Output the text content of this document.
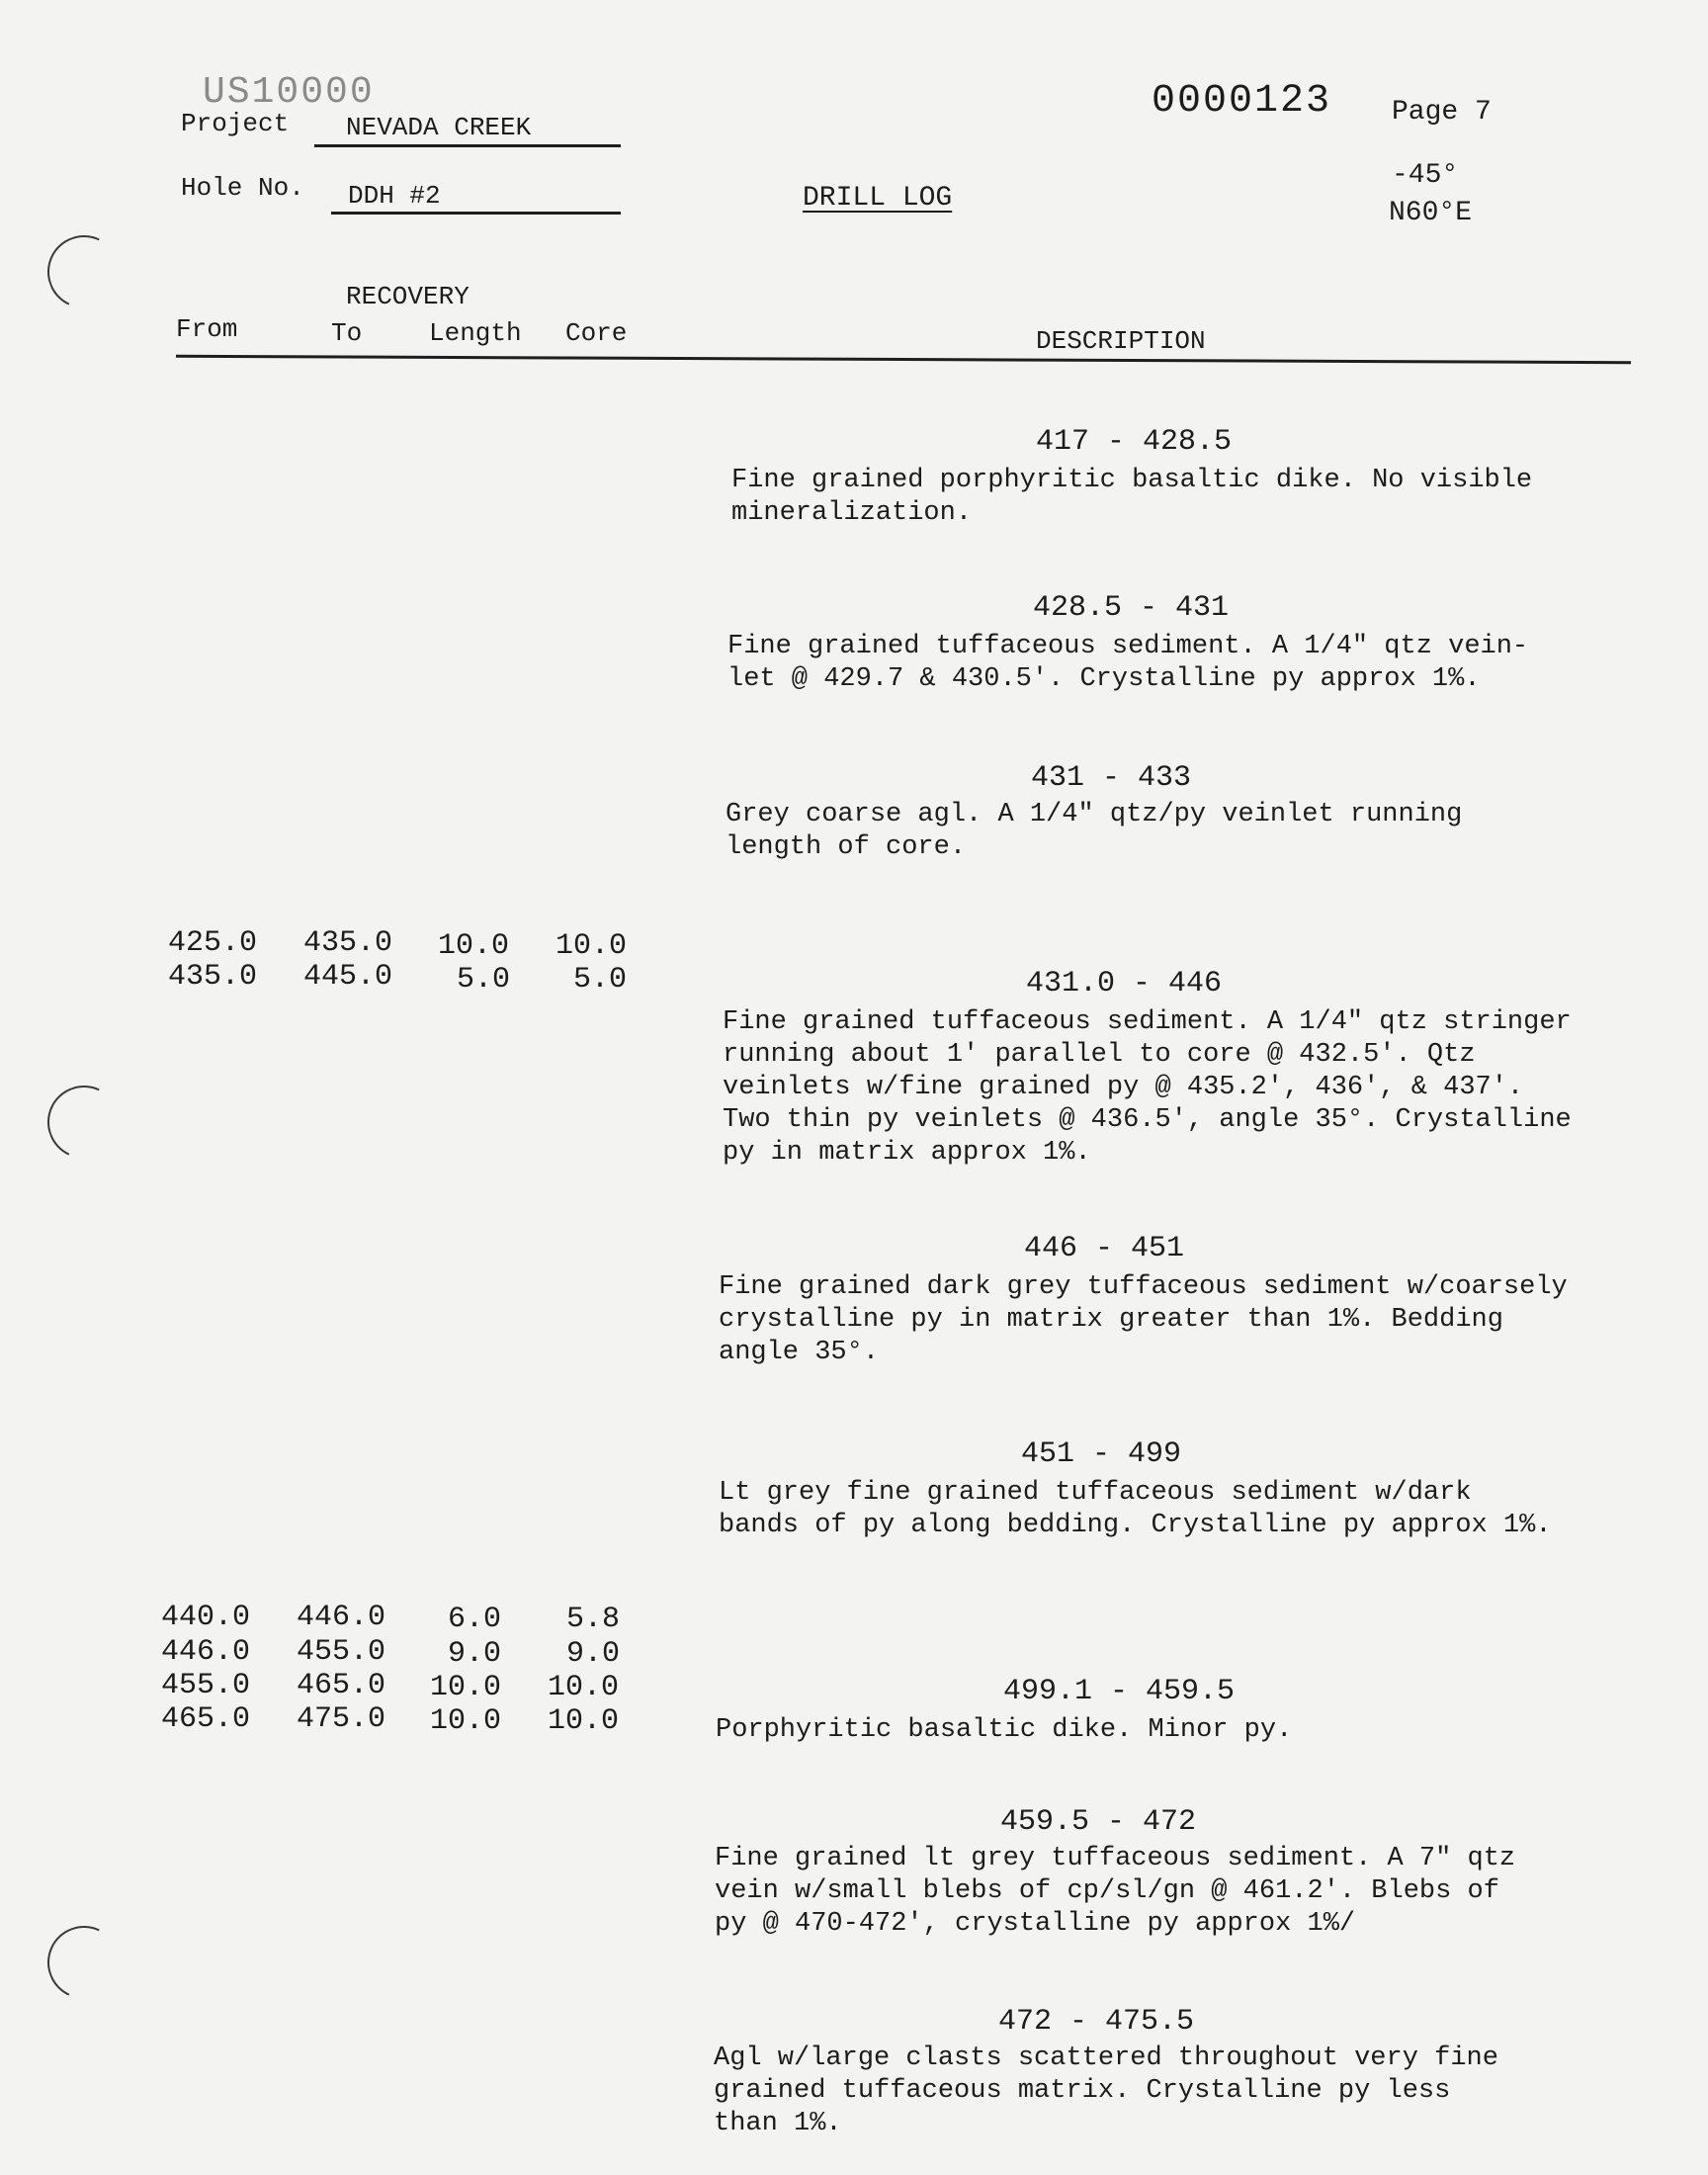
US10000	0000123 Page 7
Project NEVADA CREEK
Hole No. DDH #2	DRILL LOG
-45°
N60°E
RECOVERY
From	To	Length Core	DESCRIPTION
425.0	435.0	10.0	10.0
435.0	445.0	5.0	5.0
440.0	446.0	6.0	5.8
446.0	455.0	9.0	9.0
455.0	465.0	10.0	10.0
465.0	475.0	10.0	10.0
417 - 428.5
Fine grained porphyritic basaltic dike. No visible
mineralization.
428.5 - 431
Fine grained tuffaceous sediment. A 1/4" qtz vein-
let @ 429.7 & 430.5'. Crystalline py approx 1%.
431 - 433
Grey coarse agl. A 1/4" qtz/py veinlet running
length of core.
431.0 - 446
Fine grained tuffaceous sediment. A 1/4" qtz stringer
running about 1' parallel to core @ 432.5'. Qtz
veinlets w/fine grained py @ 435.2', 436', & 437'.
Two thin py veinlets @ 436.5', angle 35°. Crystalline
py in matrix approx 1%.
446 - 451
Fine grained dark grey tuffaceous sediment w/coarsely
crystalline py in matrix greater than 1%. Bedding
angle 35°.
451 - 499
Lt grey fine grained tuffaceous sediment w/dark
bands of py along bedding. Crystalline py approx 1%.
499.1 - 459.5
Porphyritic basaltic dike. Minor py.
459.5 - 472
Fine grained lt grey tuffaceous sediment. A 7" qtz
vein w/small blebs of cp/sl/gn @ 461.2'. Blebs of
py @ 470-472', crystalline py approx 1%/
472 - 475.5
Agl w/large clasts scattered throughout very fine
grained tuffaceous matrix. Crystalline py less
than 1%.
